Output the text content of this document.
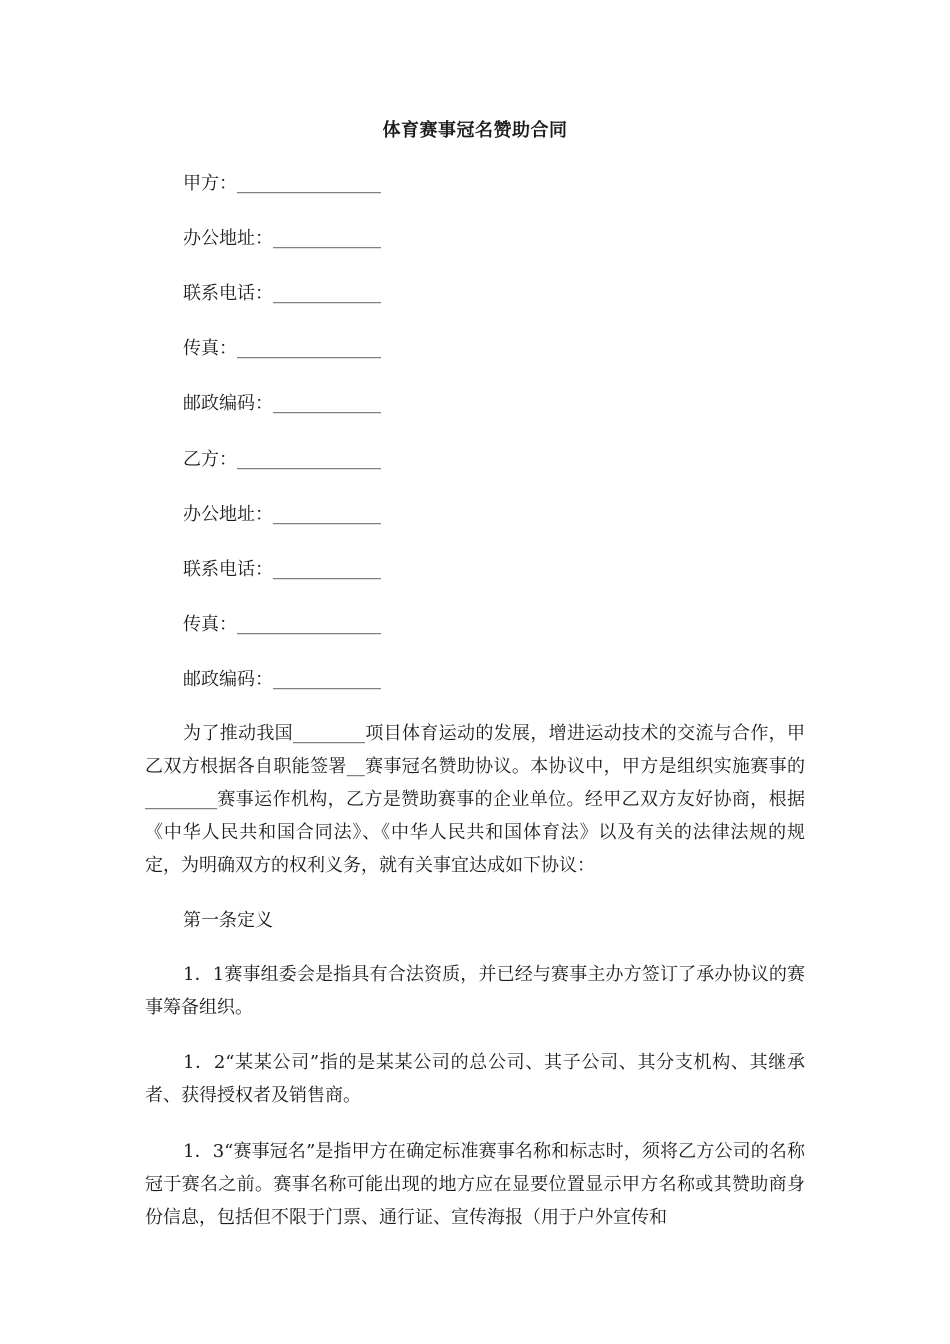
体育赛事冠名赞助合同
甲方：________________
办公地址：____________
联系电话：____________
传真：________________
邮政编码：____________
乙方：________________
办公地址：____________
联系电话：____________
传真：________________
邮政编码：____________

为了推动我国________项目体育运动的发展，增进运动技术的交流与合作，甲乙双方根据各自职能签署__赛事冠名赞助协议。本协议中，甲方是组织实施赛事的________赛事运作机构，乙方是赞助赛事的企业单位。经甲乙双方友好协商，根据《中华人民共和国合同法》、《中华人民共和国体育法》以及有关的法律法规的规定，为明确双方的权利义务，就有关事宜达成如下协议：

第一条定义

1．1赛事组委会是指具有合法资质，并已经与赛事主办方签订了承办协议的赛事筹备组织。

1．2“某某公司”指的是某某公司的总公司、其子公司、其分支机构、其继承者、获得授权者及销售商。

1．3“赛事冠名”是指甲方在确定标准赛事名称和标志时，须将乙方公司的名称冠于赛名之前。赛事名称可能出现的地方应在显要位置显示甲方名称或其赞助商身份信息，包括但不限于门票、通行证、宣传海报（用于户外宣传和
